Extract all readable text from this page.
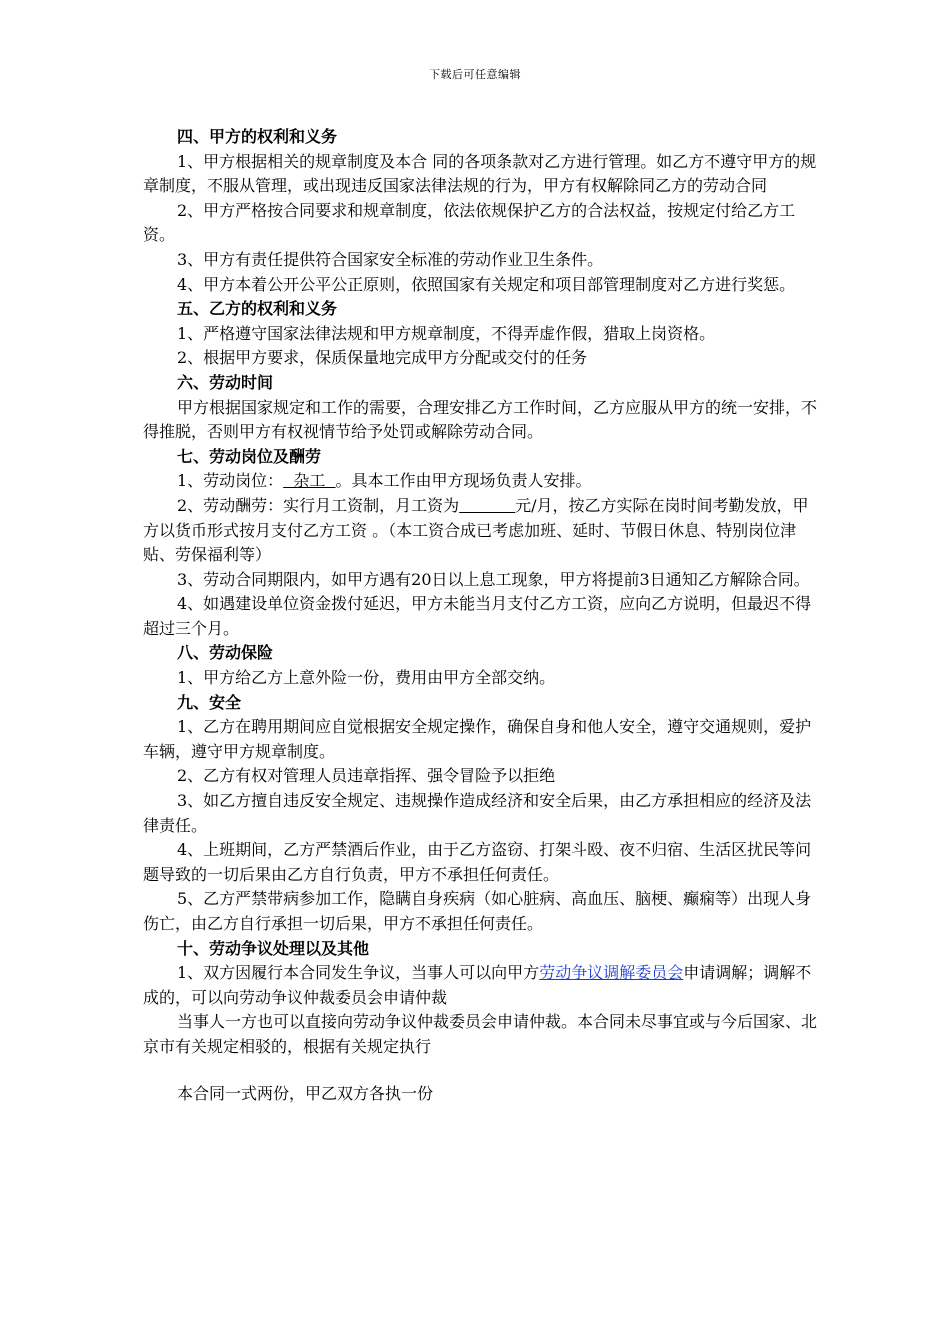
下载后可任意编辑

四、甲方的权利和义务

1、甲方根据相关的规章制度及本合 同的各项条款对乙方进行管理。如乙方不遵守甲方的规章制度，不服从管理，或出现违反国家法律法规的行为，甲方有权解除同乙方的劳动合同

2、甲方严格按合同要求和规章制度，依法依规保护乙方的合法权益，按规定付给乙方工资。

3、甲方有责任提供符合国家安全标准的劳动作业卫生条件。

4、甲方本着公开公平公正原则，依照国家有关规定和项目部管理制度对乙方进行奖惩。

五、乙方的权利和义务

1、严格遵守国家法律法规和甲方规章制度，不得弄虚作假，猎取上岗资格。

2、根据甲方要求，保质保量地完成甲方分配或交付的任务

六、劳动时间

甲方根据国家规定和工作的需要，合理安排乙方工作时间，乙方应服从甲方的统一安排，不得推脱，否则甲方有权视情节给予处罚或解除劳动合同。

七、劳动岗位及酬劳

1、劳动岗位：  杂工  。具本工作由甲方现场负责人安排。

2、劳动酬劳：实行月工资制，月工资为	元/月，按乙方实际在岗时间考勤发放，甲方以货币形式按月支付乙方工资 。（本工资合成已考虑加班、延时、节假日休息、特别岗位津贴、劳保福利等）

3、劳动合同期限内，如甲方遇有20日以上息工现象，甲方将提前3日通知乙方解除合同。

4、如遇建设单位资金拨付延迟，甲方未能当月支付乙方工资，应向乙方说明，但最迟不得超过三个月。

八、劳动保险

1、甲方给乙方上意外险一份，费用由甲方全部交纳。

九、安全

1、乙方在聘用期间应自觉根据安全规定操作，确保自身和他人安全，遵守交通规则，爱护车辆，遵守甲方规章制度。

2、乙方有权对管理人员违章指挥、强令冒险予以拒绝

3、如乙方擅自违反安全规定、违规操作造成经济和安全后果，由乙方承担相应的经济及法律责任。

4、上班期间，乙方严禁酒后作业，由于乙方盗窃、打架斗殴、夜不归宿、生活区扰民等问题导致的一切后果由乙方自行负责，甲方不承担任何责任。

5、乙方严禁带病参加工作，隐瞒自身疾病（如心脏病、高血压、脑梗、癫痫等）出现人身伤亡，由乙方自行承担一切后果，甲方不承担任何责任。

十、劳动争议处理以及其他

1、双方因履行本合同发生争议，当事人可以向甲方劳动争议调解委员会申请调解；调解不成的，可以向劳动争议仲裁委员会申请仲裁

当事人一方也可以直接向劳动争议仲裁委员会申请仲裁。本合同未尽事宜或与今后国家、北京市有关规定相驳的，根据有关规定执行

本合同一式两份，甲乙双方各执一份
